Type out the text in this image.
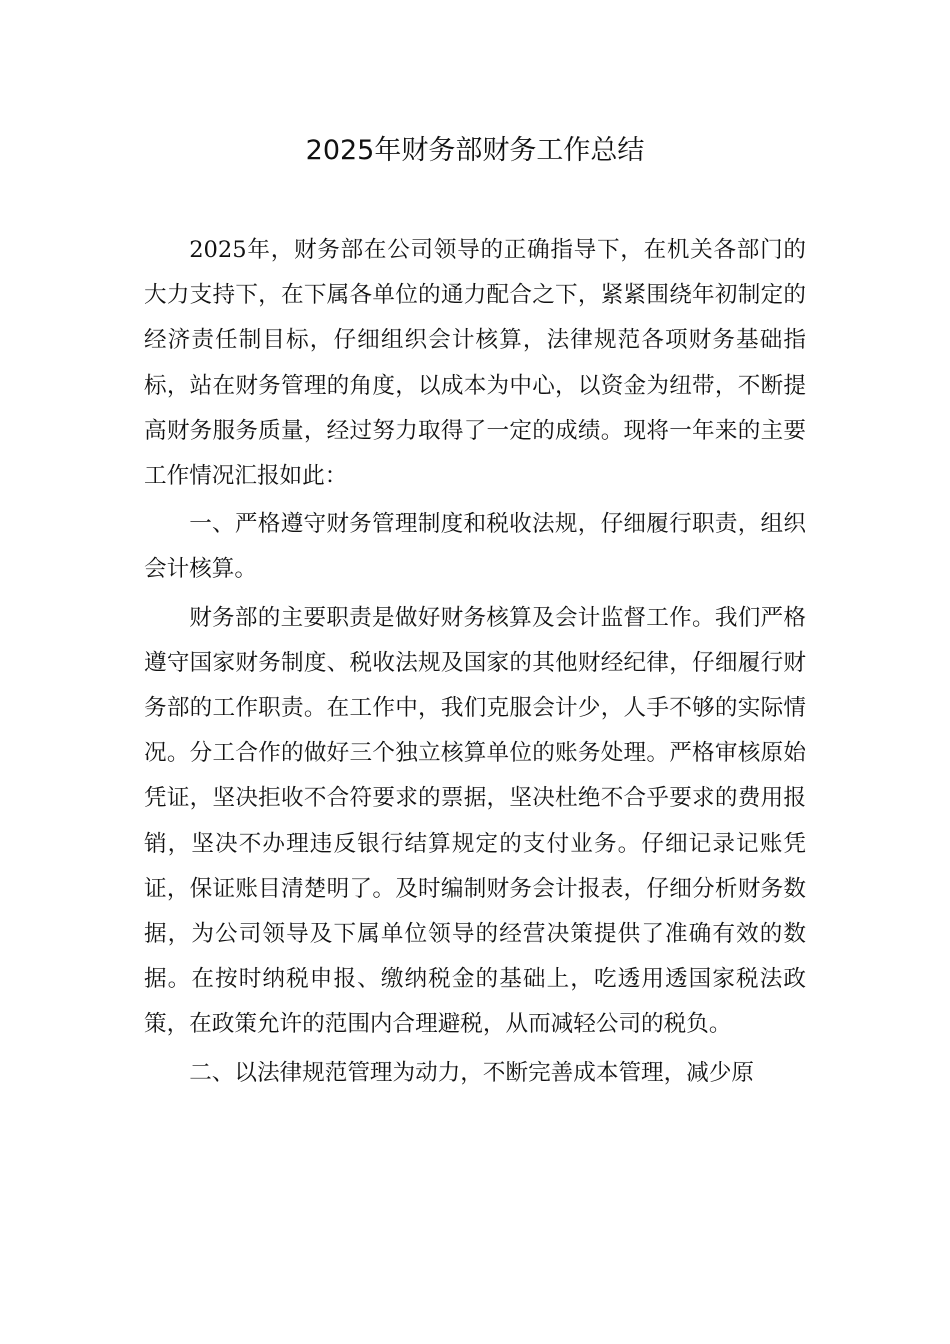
2025年财务部财务工作总结

2025年，财务部在公司领导的正确指导下，在机关各部门的大力支持下，在下属各单位的通力配合之下，紧紧围绕年初制定的经济责任制目标，仔细组织会计核算，法律规范各项财务基础指标，站在财务管理的角度，以成本为中心，以资金为纽带，不断提高财务服务质量，经过努力取得了一定的成绩。现将一年来的主要工作情况汇报如此：

一、严格遵守财务管理制度和税收法规，仔细履行职责，组织会计核算。

财务部的主要职责是做好财务核算及会计监督工作。我们严格遵守国家财务制度、税收法规及国家的其他财经纪律，仔细履行财务部的工作职责。在工作中，我们克服会计少，人手不够的实际情况。分工合作的做好三个独立核算单位的账务处理。严格审核原始凭证，坚决拒收不合符要求的票据，坚决杜绝不合乎要求的费用报销，坚决不办理违反银行结算规定的支付业务。仔细记录记账凭证，保证账目清楚明了。及时编制财务会计报表，仔细分析财务数据，为公司领导及下属单位领导的经营决策提供了准确有效的数据。在按时纳税申报、缴纳税金的基础上，吃透用透国家税法政策，在政策允许的范围内合理避税，从而减轻公司的税负。

二、以法律规范管理为动力，不断完善成本管理，减少原
